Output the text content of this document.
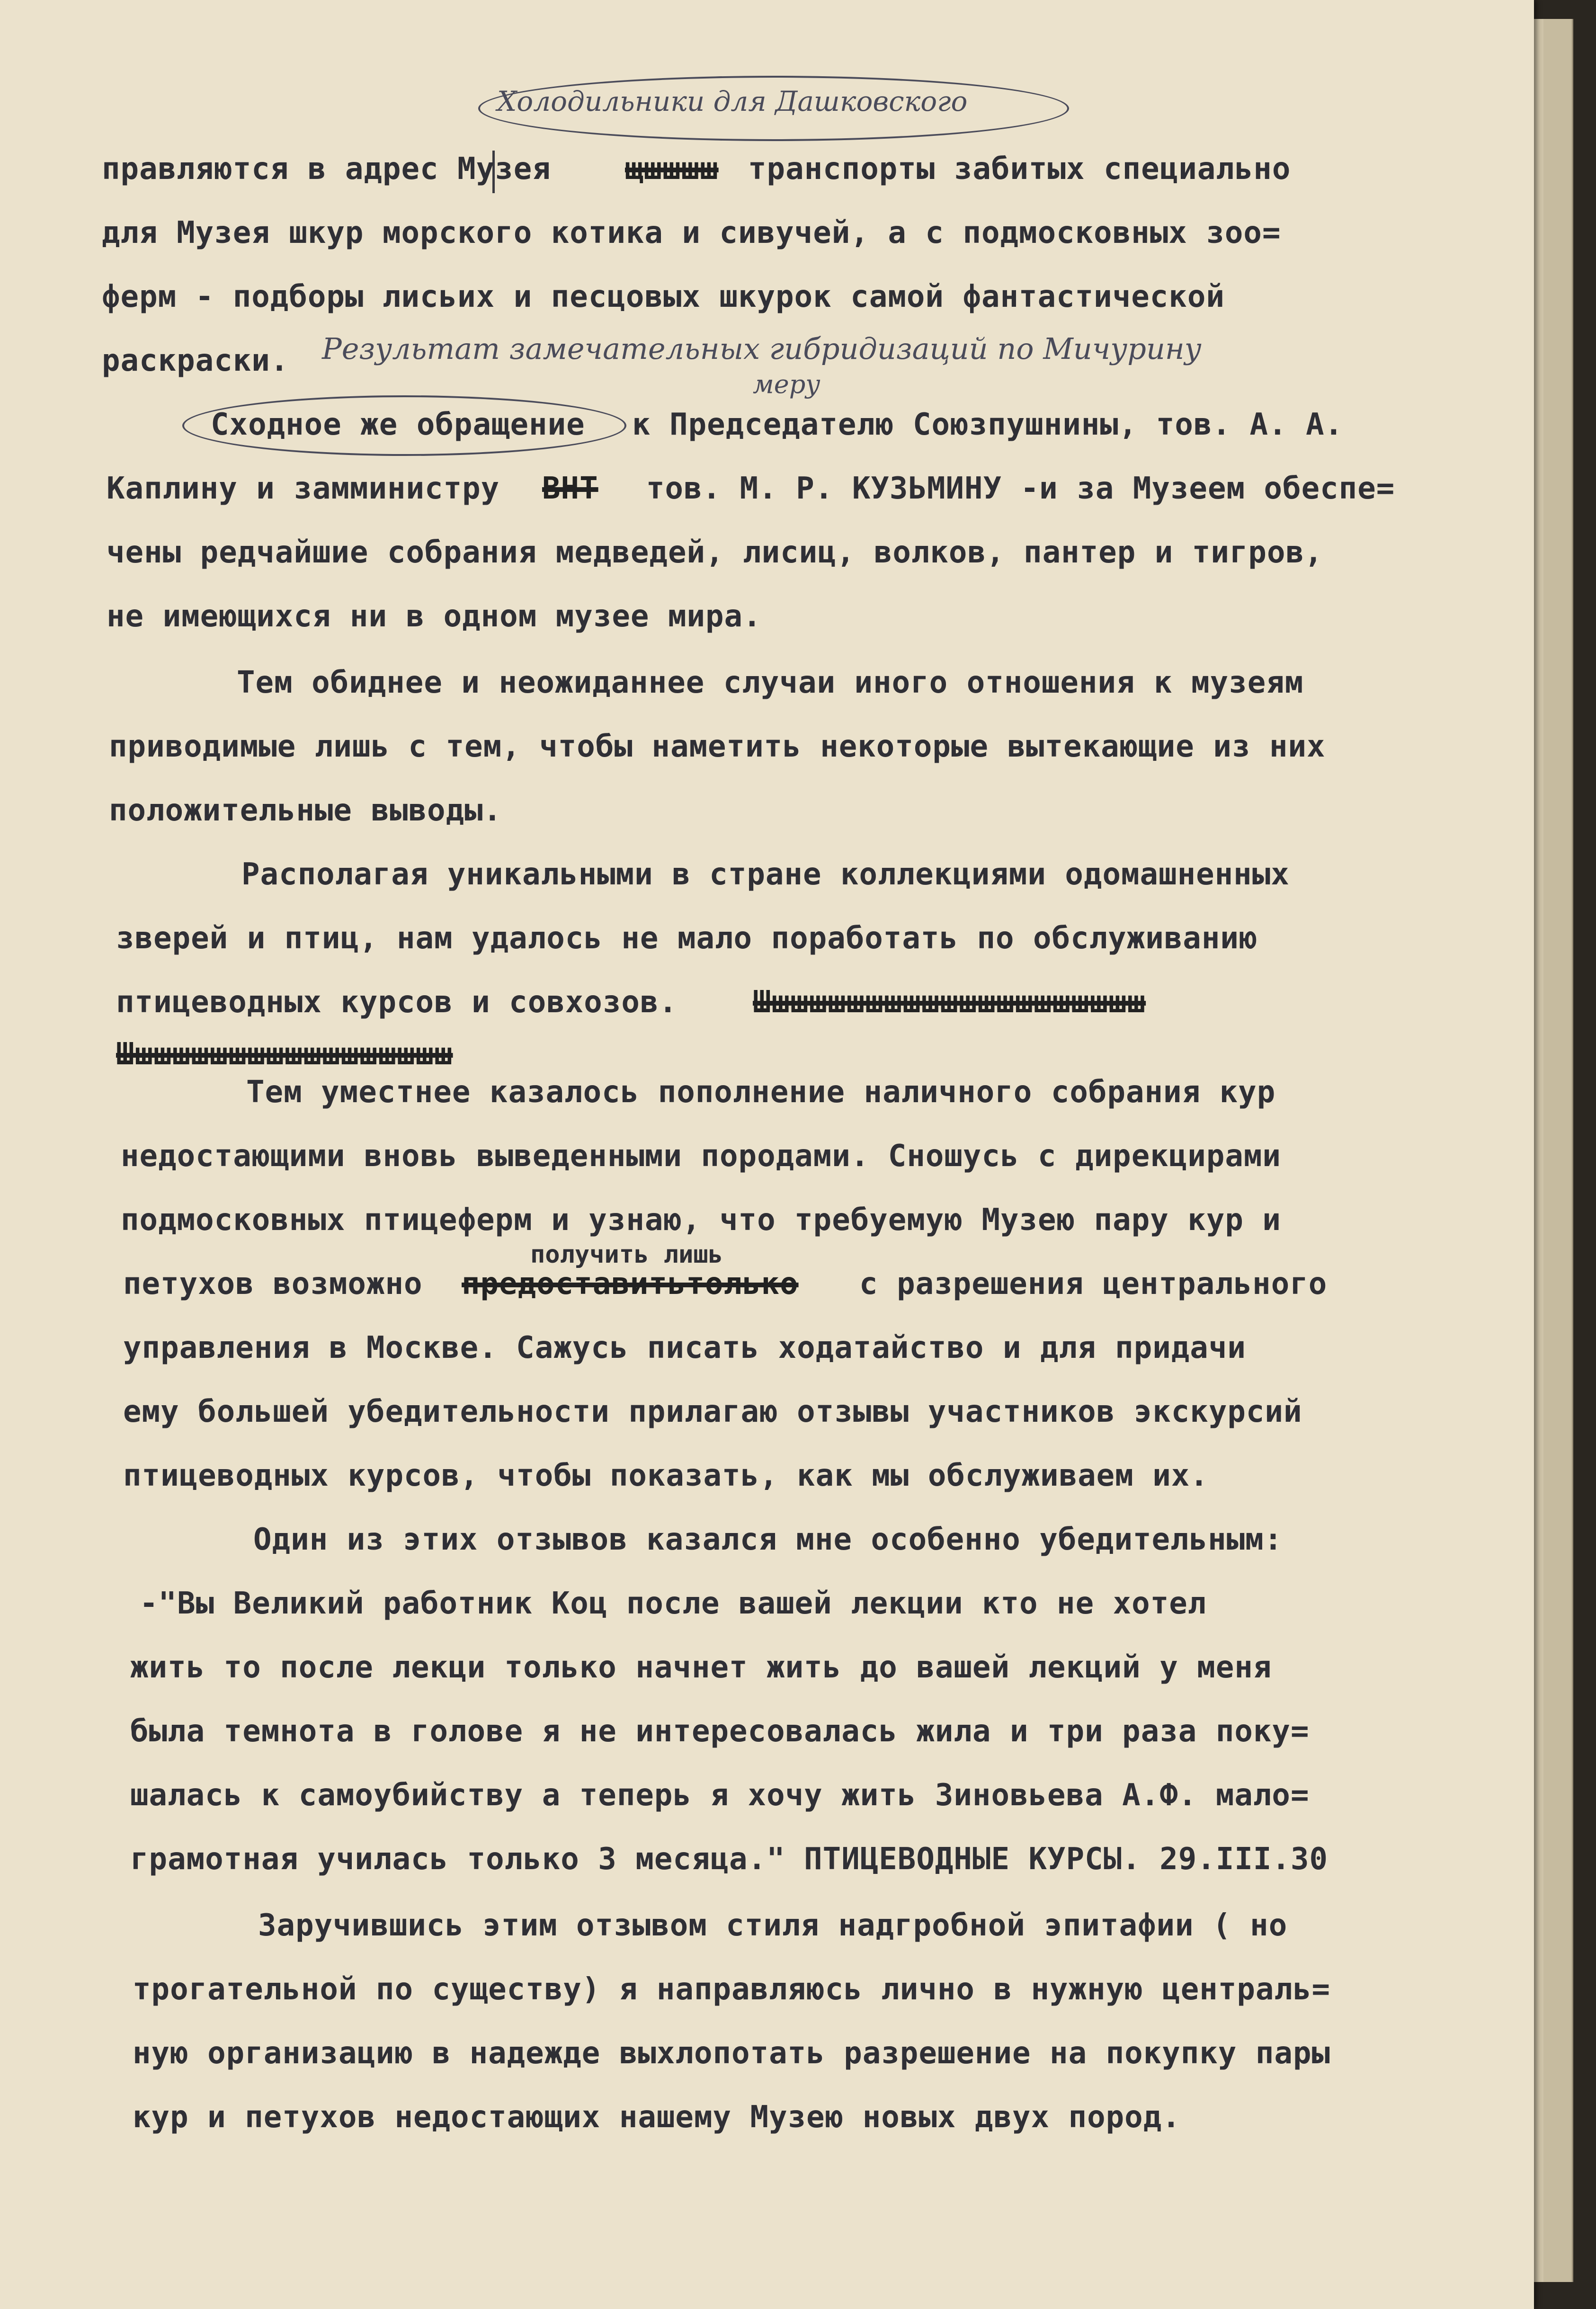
Холодильники для Дашковского
правляются в адрес Музея щшшшш транспорты забитых специально
для Музея шкур морского котика и сивучей, а с подмосковных зоо=
ферм - подборы лисьих и песцовых шкурок самой фантастической
раскраски. Результат замечательных гибридизаций по Мичурину
меру
Сходное же обращение к Председателю Союзпушнины, тов. А. А.
Каплину и замминистру ВНТ тов. М. Р. КУЗЬМИНУ -и за Музеем обеспе=
чены редчайшие собрания медведей, лисиц, волков, пантер и тигров,
не имеющихся ни в одном музее мира.
Тем обиднее и неожиданнее случаи иного отношения к музеям
приводимые лишь с тем, чтобы наметить некоторые вытекающие из них
положительные выводы.
Располагая уникальными в стране коллекциями одомашненных
зверей и птиц, нам удалось не мало поработать по обслуживанию
птицеводных курсов и совхозов. Шшшшшшшшшшшшшшшшшшшшш
Шшшшшшшшшшшшшшшшшш
Тем уместнее казалось пополнение наличного собрания кур
недостающими вновь выведенными породами. Сношусь с дирекцирами
подмосковных птицеферм и узнаю, что требуемую Музею пару кур и
получить лишь
петухов возможно предоставитьтолько с разрешения центрального
управления в Москве. Сажусь писать ходатайство и для придачи
ему большей убедительности прилагаю отзывы участников экскурсий
птицеводных курсов, чтобы показать, как мы обслуживаем их.
Один из этих отзывов казался мне особенно убедительным:
-"Вы Великий работник Коц после вашей лекции кто не хотел
жить то после лекци только начнет жить до вашей лекций у меня
была темнота в голове я не интересовалась жила и три раза поку=
шалась к самоубийству а теперь я хочу жить Зиновьева А.Ф. мало=
грамотная училась только 3 месяца." ПТИЦЕВОДНЫЕ КУРСЫ. 29.III.30
Заручившись этим отзывом стиля надгробной эпитафии ( но
трогательной по существу) я направляюсь лично в нужную централь=
ную организацию в надежде выхлопотать разрешение на покупку пары
кур и петухов недостающих нашему Музею новых двух пород.
